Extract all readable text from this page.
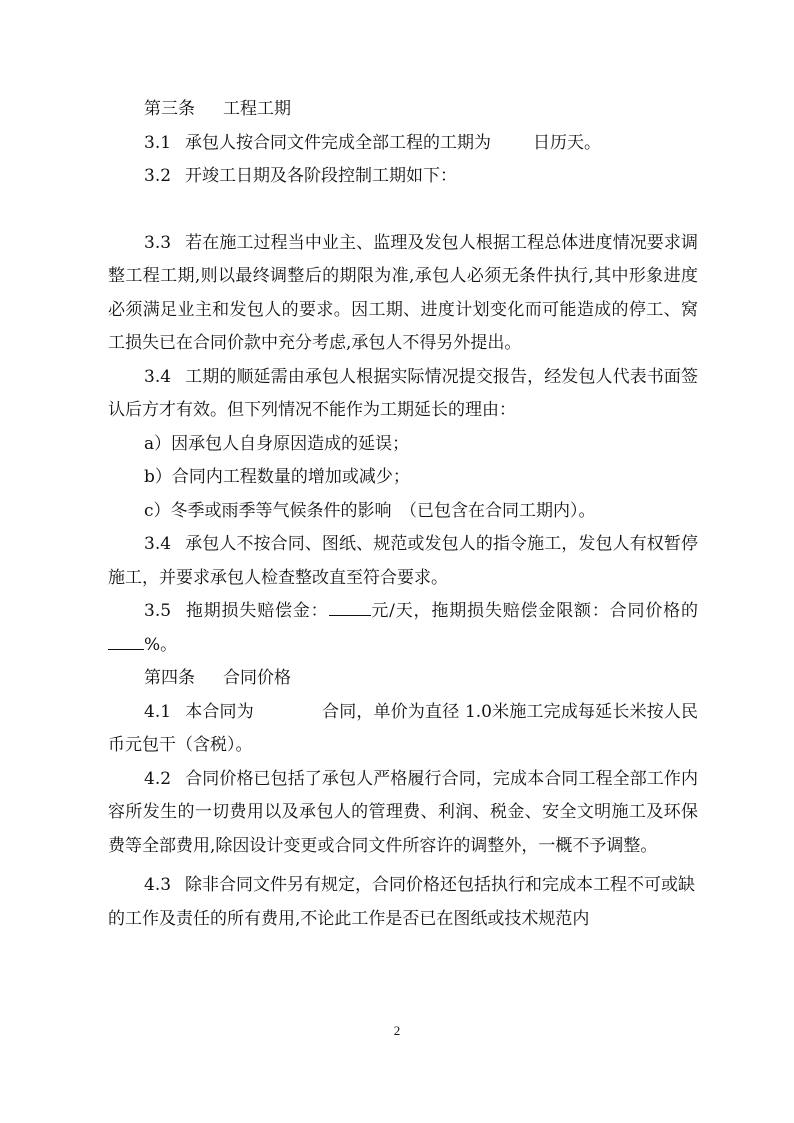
第三条 工程工期

3.1 承包人按合同文件完成全部工程的工期为 日历天。

3.2 开竣工日期及各阶段控制工期如下：

3.3 若在施工过程当中业主、监理及发包人根据工程总体进度情况要求调整工程工期,则以最终调整后的期限为准,承包人必须无条件执行,其中形象进度必须满足业主和发包人的要求。因工期、进度计划变化而可能造成的停工、窝工损失已在合同价款中充分考虑,承包人不得另外提出。

3.4 工期的顺延需由承包人根据实际情况提交报告，经发包人代表书面签认后方才有效。但下列情况不能作为工期延长的理由：

a）因承包人自身原因造成的延误；

b）合同内工程数量的增加或减少；

c）冬季或雨季等气候条件的影响　（已包含在合同工期内）。

3.4 承包人不按合同、图纸、规范或发包人的指令施工，发包人有权暂停施工，并要求承包人检查整改直至符合要求。

3.5 拖期损失赔偿金： 元/天，拖期损失赔偿金限额：合同价格的%。

第四条 合同价格

4.1 本合同为	合同，单价为直径 1.0米施工完成每延长米按人民币元包干（含税）。

4.2 合同价格已包括了承包人严格履行合同，完成本合同工程全部工作内容所发生的一切费用以及承包人的管理费、利润、税金、安全文明施工及环保费等全部费用,除因设计变更或合同文件所容许的调整外，一概不予调整。

4.3 除非合同文件另有规定，合同价格还包括执行和完成本工程不可或缺的工作及责任的所有费用,不论此工作是否已在图纸或技术规范内

2
